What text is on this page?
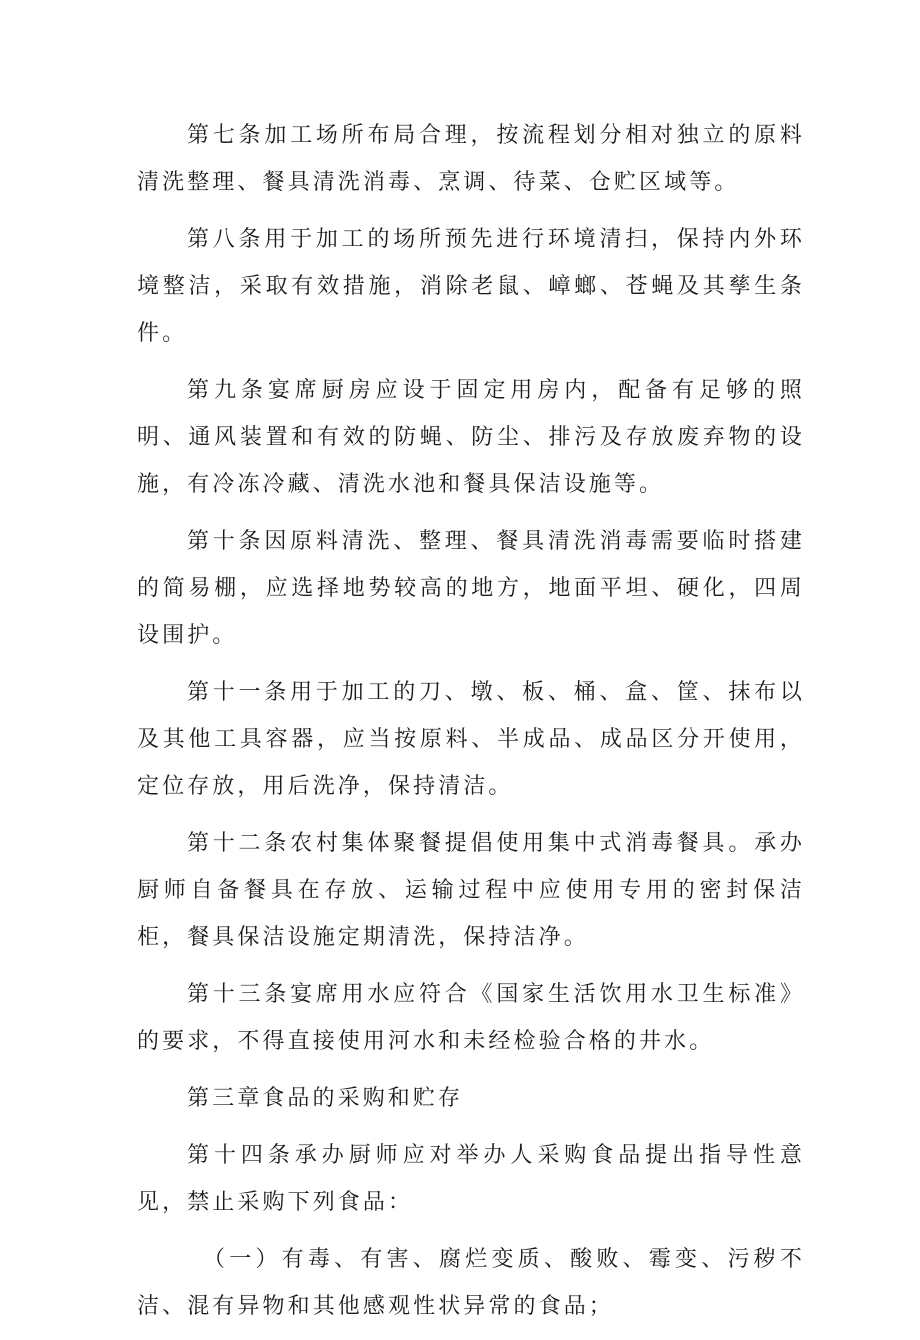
第七条加工场所布局合理，按流程划分相对独立的原料清洗整理、餐具清洗消毒、烹调、待菜、仓贮区域等。

第八条用于加工的场所预先进行环境清扫，保持内外环境整洁，采取有效措施，消除老鼠、嶂螂、苍蝇及其孳生条件。

第九条宴席厨房应设于固定用房内，配备有足够的照明、通风装置和有效的防蝇、防尘、排污及存放废弃物的设施，有冷冻冷藏、清洗水池和餐具保洁设施等。

第十条因原料清洗、整理、餐具清洗消毒需要临时搭建的简易棚，应选择地势较高的地方，地面平坦、硬化，四周设围护。

第十一条用于加工的刀、墩、板、桶、盒、筐、抹布以及其他工具容器，应当按原料、半成品、成品区分开使用，定位存放，用后洗净，保持清洁。

第十二条农村集体聚餐提倡使用集中式消毒餐具。承办厨师自备餐具在存放、运输过程中应使用专用的密封保洁柜，餐具保洁设施定期清洗，保持洁净。

第十三条宴席用水应符合《国家生活饮用水卫生标准》的要求，不得直接使用河水和未经检验合格的井水。

第三章食品的采购和贮存

第十四条承办厨师应对举办人采购食品提出指导性意见，禁止采购下列食品：

（一）有毒、有害、腐烂变质、酸败、霉变、污秽不洁、混有异物和其他感观性状异常的食品；
